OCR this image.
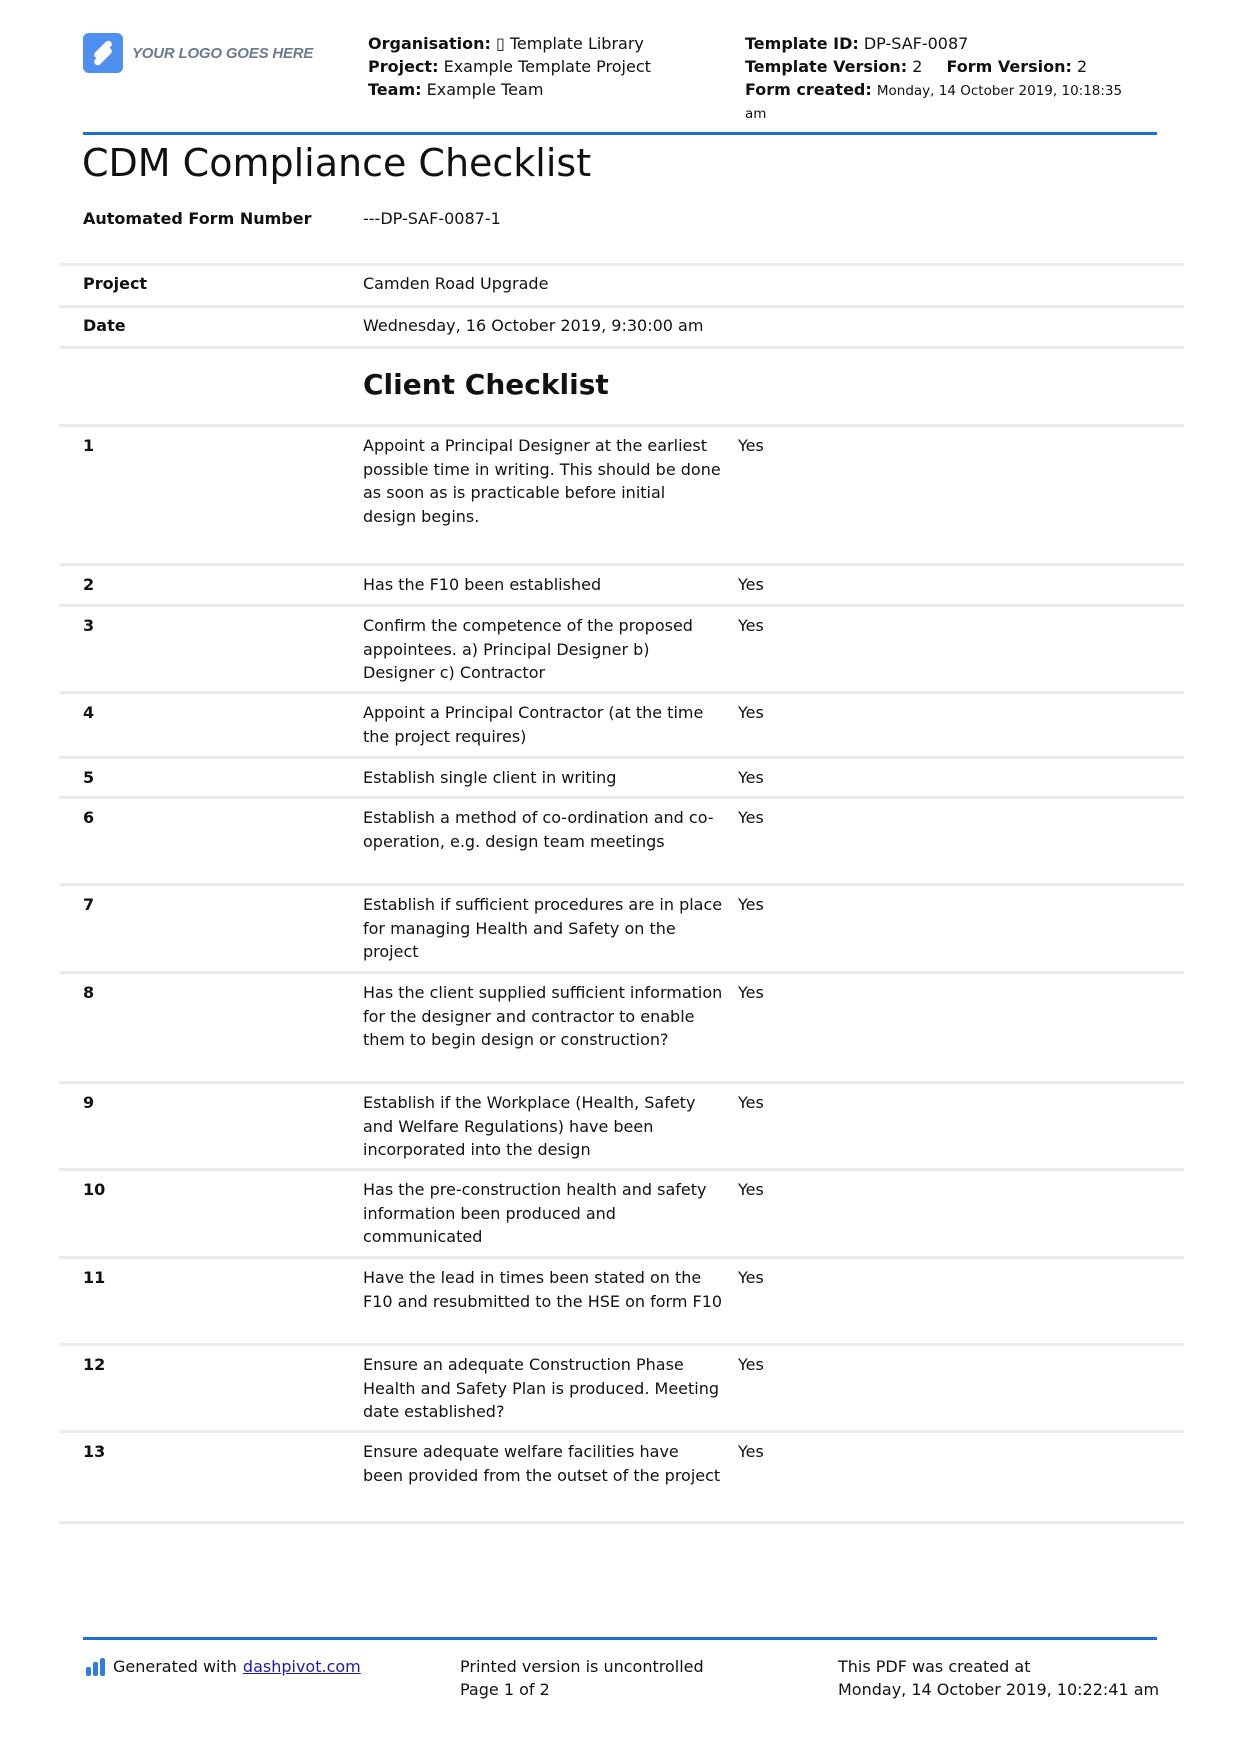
YOUR LOGO GOES HERE	Organisation: ▯ Template Library
Project: Example Template Project
Team: Example Team
Template ID: DP-SAF-0087
Template Version: 2 Form Version: 2
Form created: Monday, 14 October 2019, 10:18:35
am
CDM Compliance Checklist
Automated Form Number	---DP-SAF-0087-1
Project	Camden Road Upgrade
Date	Wednesday, 16 October 2019, 9:30:00 am
Client Checklist
1	Appoint a Principal Designer at the earliest possible time in writing. This should be done as soon as is practicable before initial design begins.
Yes
2	Has the F10 been established	Yes
3	Confirm the competence of the proposed appointees. a) Principal Designer b) Designer c) Contractor
Yes
4	Appoint a Principal Contractor (at the time the project requires)
Yes
5	Establish single client in writing	Yes
6	Establish a method of co-ordination and co-operation, e.g. design team meetings
Yes
7	Establish if sufficient procedures are in place for managing Health and Safety on the project
Yes
8	Has the client supplied sufficient information for the designer and contractor to enable them to begin design or construction?
Yes
9	Establish if the Workplace (Health, Safety and Welfare Regulations) have been incorporated into the design
Yes
10	Has the pre-construction health and safety information been produced and communicated
Yes
11	Have the lead in times been stated on the F10 and resubmitted to the HSE on form F10
Yes
12	Ensure an adequate Construction Phase Health and Safety Plan is produced. Meeting date established?
Yes
13	Ensure adequate welfare facilities have been provided from the outset of the project
Yes
Generated with dashpivot.com	Printed version is uncontrolled
Page 1 of 2
This PDF was created at
Monday, 14 October 2019, 10:22:41 am
